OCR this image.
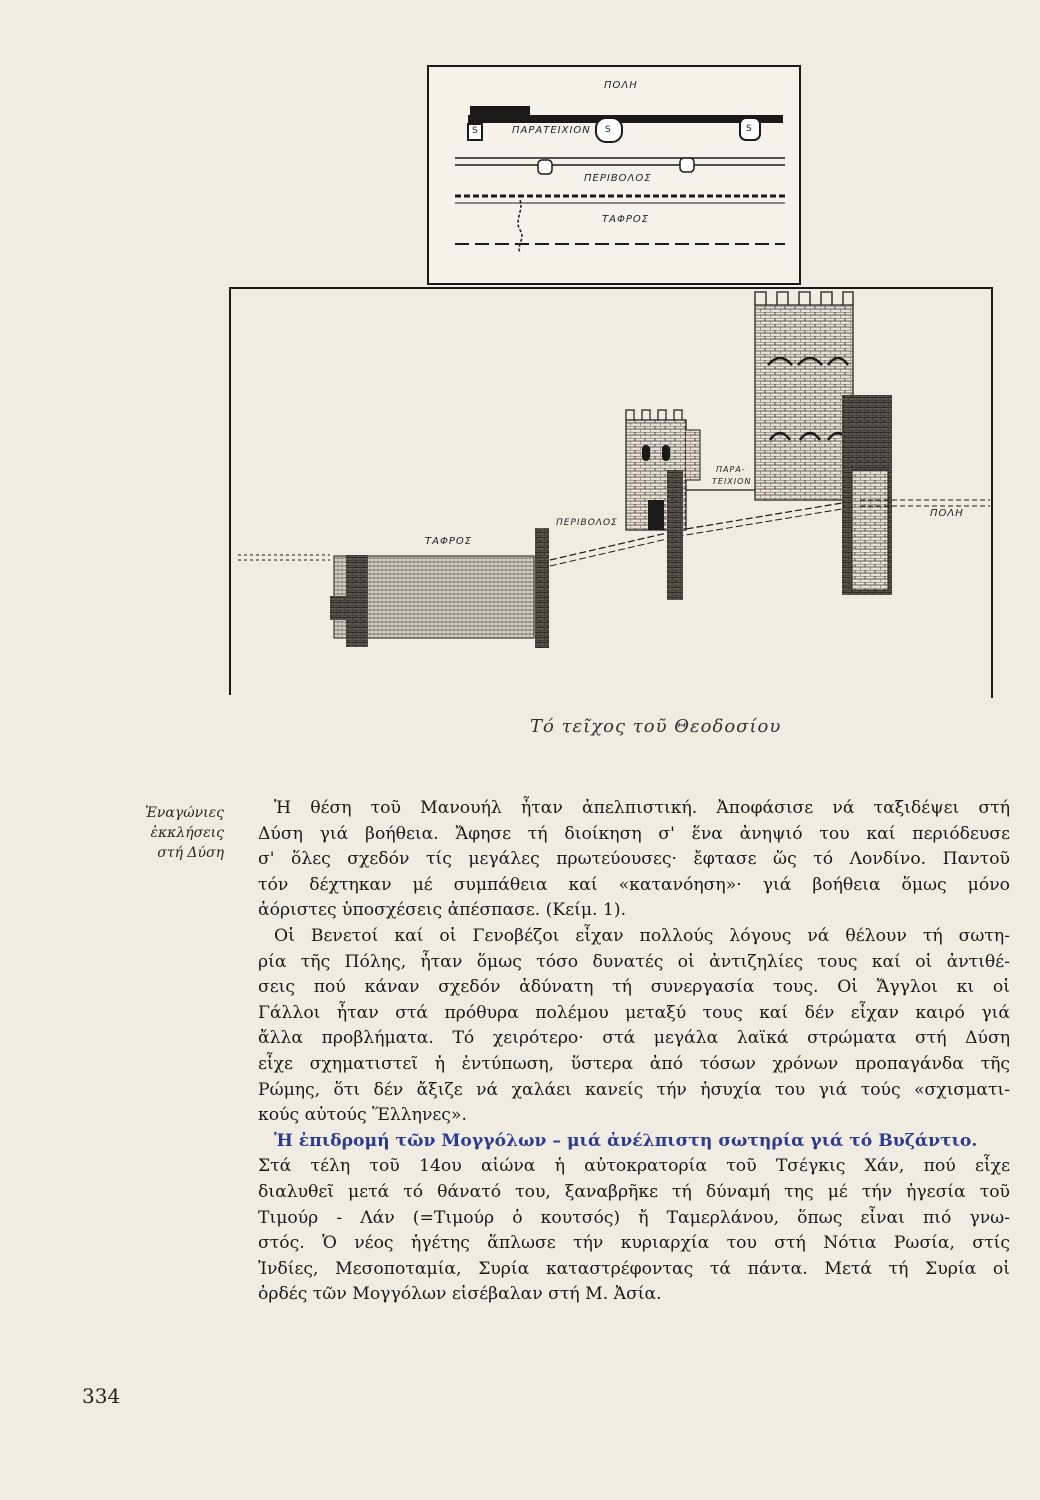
ΠΟΛΗ
ΠΑΡΑΤΕΙΧΙΟΝ
ΠΕΡΙΒΟΛΟΣ
ΤΑΦΡΟΣ
S	S	S
ΤΑΦΡΟΣ
ΠΕΡΙΒΟΛΟΣ
ΠΑΡΑ-
ΤΕΙΧΙΟΝ
ΠΟΛΗ
Τό τεῖχος τοῦ Θεοδοσίου

Ἐναγώνιες
ἐκκλήσεις
στή Δύση
Ἡ θέση τοῦ Μανουήλ ἦταν ἀπελπιστική. Ἀποφάσισε νά ταξιδέψει στή
Δύση γιά βοήθεια. Ἄφησε τή διοίκηση σ' ἕνα ἀνηψιό του καί περιόδευσε
σ' ὅλες σχεδόν τίς μεγάλες πρωτεύουσες· ἔφτασε ὥς τό Λονδίνο. Παντοῦ
τόν δέχτηκαν μέ συμπάθεια καί «κατανόηση»· γιά βοήθεια ὅμως μόνο
ἀόριστες ὑποσχέσεις ἀπέσπασε. (Κείμ. 1).
Οἱ Βενετοί καί οἱ Γενοβέζοι εἶχαν πολλούς λόγους νά θέλουν τή σωτη-
ρία τῆς Πόλης, ἦταν ὅμως τόσο δυνατές οἱ ἀντιζηλίες τους καί οἱ ἀντιθέ-
σεις πού κάναν σχεδόν ἀδύνατη τή συνεργασία τους. Οἱ Ἄγγλοι κι οἱ
Γάλλοι ἦταν στά πρόθυρα πολέμου μεταξύ τους καί δέν εἶχαν καιρό γιά
ἄλλα προβλήματα. Τό χειρότερο· στά μεγάλα λαϊκά στρώματα στή Δύση
εἶχε σχηματιστεῖ ἡ ἐντύπωση, ὕστερα ἀπό τόσων χρόνων προπαγάνδα τῆς
Ρώμης, ὅτι δέν ἄξιζε νά χαλάει κανείς τήν ἡσυχία του γιά τούς «σχισματι-
κούς αὐτούς Ἕλληνες».
Ἡ ἐπιδρομή τῶν Μογγόλων – μιά ἀνέλπιστη σωτηρία γιά τό Βυζάντιο.
Στά τέλη τοῦ 14ου αἰώνα ἡ αὐτοκρατορία τοῦ Τσέγκις Χάν, πού εἶχε
διαλυθεῖ μετά τό θάνατό του, ξαναβρῆκε τή δύναμή της μέ τήν ἡγεσία τοῦ
Τιμούρ - Λάν (=Τιμούρ ὁ κουτσός) ἤ Ταμερλάνου, ὅπως εἶναι πιό γνω-
στός. Ὁ νέος ἡγέτης ἅπλωσε τήν κυριαρχία του στή Νότια Ρωσία, στίς
Ἰνδίες, Μεσοποταμία, Συρία καταστρέφοντας τά πάντα. Μετά τή Συρία οἱ
ὀρδές τῶν Μογγόλων εἰσέβαλαν στή Μ. Ἀσία.
334
